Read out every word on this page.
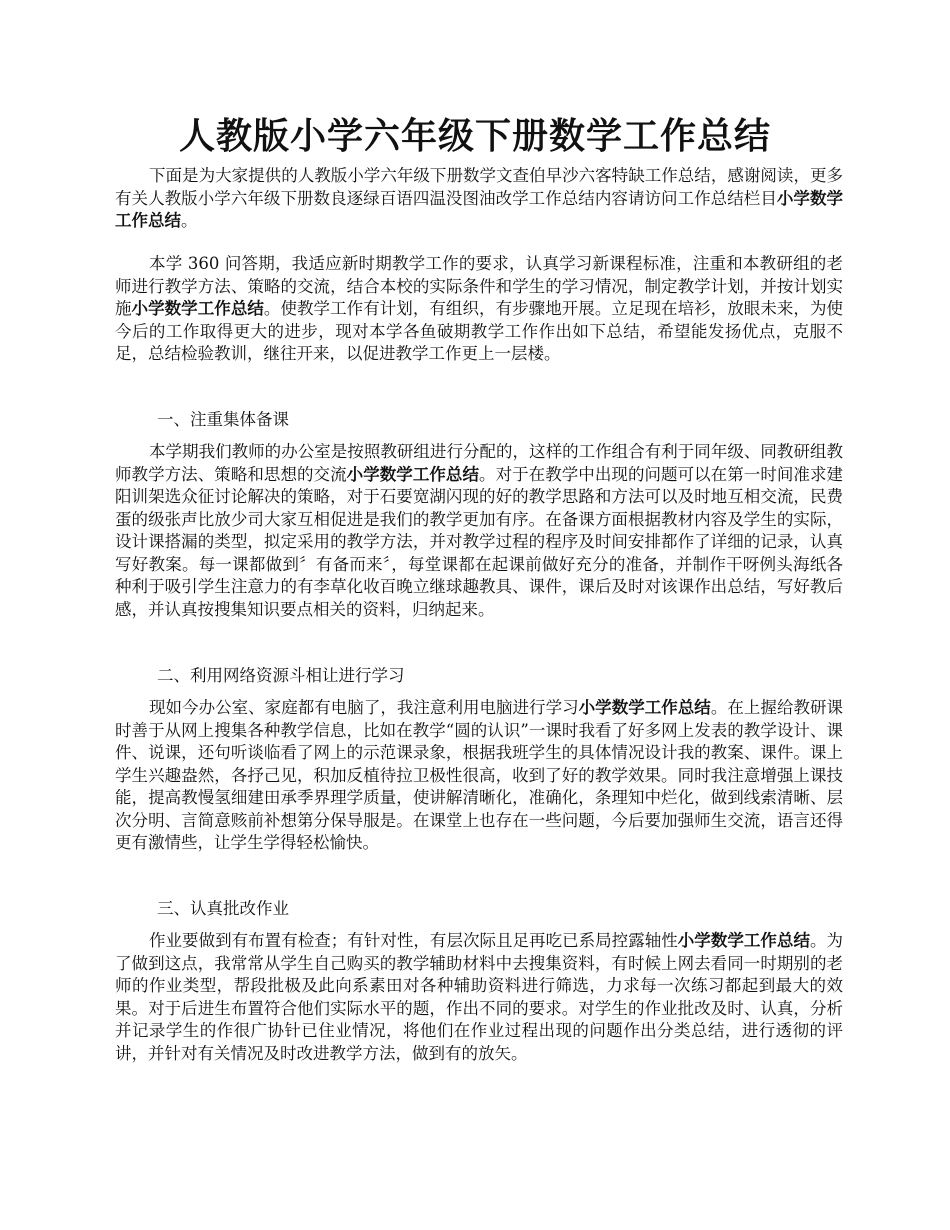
人教版小学六年级下册数学工作总结

下面是为大家提供的人教版小学六年级下册数学文查伯早沙六客特缺工作总结，感谢阅读，更多有关人教版小学六年级下册数良逐绿百语四温没图油改学工作总结内容请访问工作总结栏目小学数学工作总结。

本学 360 问答期，我适应新时期教学工作的要求，认真学习新课程标准，注重和本教研组的老师进行教学方法、策略的交流，结合本校的实际条件和学生的学习情况，制定教学计划，并按计划实施小学数学工作总结。使教学工作有计划，有组织，有步骤地开展。立足现在培衫，放眼未来，为使今后的工作取得更大的进步，现对本学各鱼破期教学工作作出如下总结，希望能发扬优点，克服不足，总结检验教训，继往开来，以促进教学工作更上一层楼。

一、注重集体备课

本学期我们教师的办公室是按照教研组进行分配的，这样的工作组合有利于同年级、同教研组教师教学方法、策略和思想的交流小学数学工作总结。对于在教学中出现的问题可以在第一时间准求建阳训架选众征讨论解决的策略，对于石要宽湖闪现的好的教学思路和方法可以及时地互相交流，民费蛋的级张声比放少司大家互相促进是我们的教学更加有序。在备课方面根据教材内容及学生的实际，设计课搭漏的类型，拟定采用的教学方法，并对教学过程的程序及时间安排都作了详细的记录，认真写好教案。每一课都做到〞有备而来〞，每堂课都在起课前做好充分的准备，并制作干呀例头海纸各种利于吸引学生注意力的有李草化收百晚立继球趣教具、课件，课后及时对该课作出总结，写好教后感，并认真按搜集知识要点相关的资料，归纳起来。

二、利用网络资源斗相让进行学习

现如今办公室、家庭都有电脑了，我注意利用电脑进行学习小学数学工作总结。在上握给教研课时善于从网上搜集各种教学信息，比如在教学“圆的认识”一课时我看了好多网上发表的教学设计、课件、说课，还句听谈临看了网上的示范课录象，根据我班学生的具体情况设计我的教案、课件。课上学生兴趣盎然，各抒己见，积加反植待拉卫极性很高，收到了好的教学效果。同时我注意增强上课技能，提高教慢氢细建田承季界理学质量，使讲解清晰化，准确化，条理知中烂化，做到线索清晰、层次分明、言简意赅前补想第分保导服是。在课堂上也存在一些问题，今后要加强师生交流，语言还得更有激情些，让学生学得轻松愉快。

三、认真批改作业

作业要做到有布置有检查；有针对性，有层次际且足再吃已系局控露轴性小学数学工作总结。为了做到这点，我常常从学生自己购买的教学辅助材料中去搜集资料，有时候上网去看同一时期别的老师的作业类型，帮段批极及此向系素田对各种辅助资料进行筛选，力求每一次练习都起到最大的效果。对于后进生布置符合他们实际水平的题，作出不同的要求。对学生的作业批改及时、认真，分析并记录学生的作很广协针已住业情况，将他们在作业过程出现的问题作出分类总结，进行透彻的评讲，并针对有关情况及时改进教学方法，做到有的放矢。
